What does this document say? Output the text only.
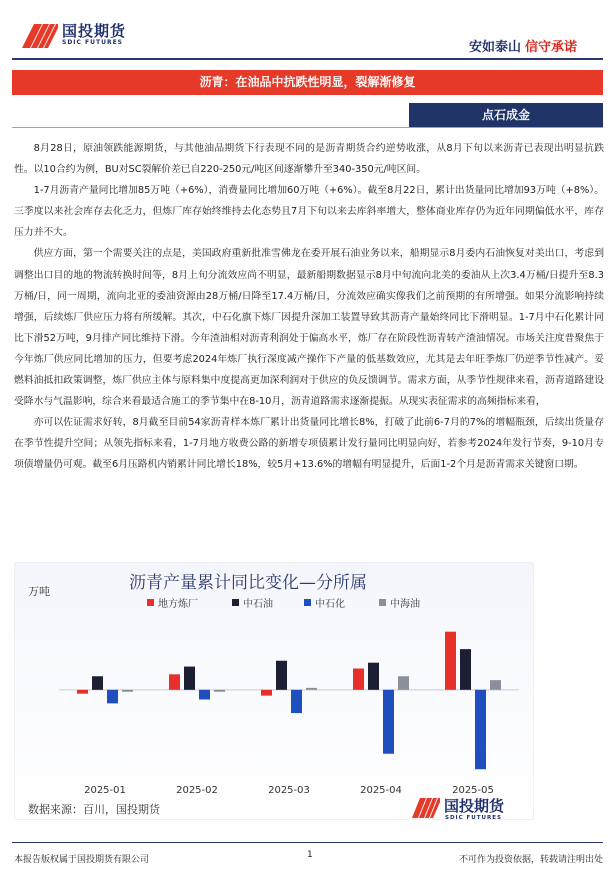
国投期货
SDIC FUTURES	安如泰山 信守承诺
沥青：在油品中抗跌性明显，裂解渐修复
点石成金

8月28日，原油领跌能源期货，与其他油品期货下行表现不同的是沥青期货合约逆势收涨，从8月下旬以来沥青已表现出明显抗跌性。以10合约为例，BU对SC裂解价差已自220-250元/吨区间逐渐攀升至340-350元/吨区间。

1-7月沥青产量同比增加85万吨（+6%），消费量同比增加60万吨（+6%）。截至8月22日，累计出货量同比增加93万吨（+8%）。三季度以来社会库存去化乏力，但炼厂库存始终维持去化态势且7月下旬以来去库斜率增大，整体商业库存仍为近年同期偏低水平，库存压力并不大。

供应方面，第一个需要关注的点是，美国政府重新批准雪佛龙在委开展石油业务以来，船期显示8月委内石油恢复对美出口，考虑到调整出口目的地的物流转换时间等，8月上旬分流效应尚不明显，最新船期数据显示8月中旬流向北美的委油从上次3.4万桶/日提升至8.3万桶/日，同一周期，流向北亚的委油资源由28万桶/日降至17.4万桶/日，分流效应确实像我们之前预期的有所增强。如果分流影响持续增强，后续炼厂供应压力将有所缓解。其次，中石化旗下炼厂因提升深加工装置导致其沥青产量始终同比下滑明显。1-7月中石化累计同比下滑52万吨，9月排产同比维持下滑。今年渣油相对沥青利润处于偏高水平，炼厂存在阶段性沥青转产渣油情况。市场关注度普聚焦于今年炼厂供应同比增加的压力，但要考虑2024年炼厂执行深度减产操作下产量的低基数效应，尤其是去年旺季炼厂仍逆季节性减产。妥燃料油抵扣政策调整，炼厂供应主体与原料集中度提高更加深利润对于供应的负反馈调节。需求方面，从季节性规律来看，沥青道路建设受降水与气温影响，综合来看最适合施工的季节集中在8-10月，沥青道路需求逐渐提振。从现实表征需求的高频指标来看，

亦可以佐证需求好转，8月截至目前54家沥青样本炼厂累计出货量同比增长8%，打破了此前6-7月的7%的增幅瓶颈，后续出货量存在季节性提升空间；从领先指标来看，1-7月地方收费公路的新增专项债累计发行量同比明显向好，若参考2024年发行节奏，9-10月专项债增量仍可观。截至6月压路机内销累计同比增长18%，较5月+13.6%的增幅有明显提升，后面1-2个月是沥青需求关键窗口期。

沥青产量累计同比变化—分所属
万吨
地方炼厂	中石油	中石化	中海油
2025-01	2025-02	2025-03	2025-04	2025-05
数据来源：百川，国投期货	国投期货
SDIC FUTURES
本报告版权属于国投期货有限公司	1	不可作为投资依据，转载请注明出处
